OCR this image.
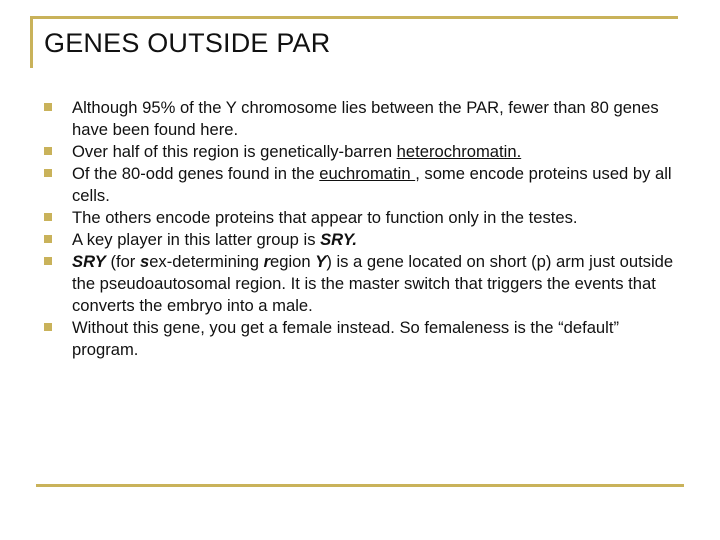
GENES OUTSIDE PAR
Although 95% of the Y chromosome lies between the PAR, fewer than 80 genes have been found here.
Over half of this region is genetically-barren heterochromatin.
Of the 80-odd genes found in the euchromatin , some encode proteins used by all cells.
The others encode proteins that appear to function only in the testes.
A key player in this latter group is SRY.
SRY (for sex-determining region Y) is a gene located on short (p) arm just outside the pseudoautosomal region. It is the master switch that triggers the events that converts the embryo into a male.
Without this gene, you get a female instead. So femaleness is the “default” program.
